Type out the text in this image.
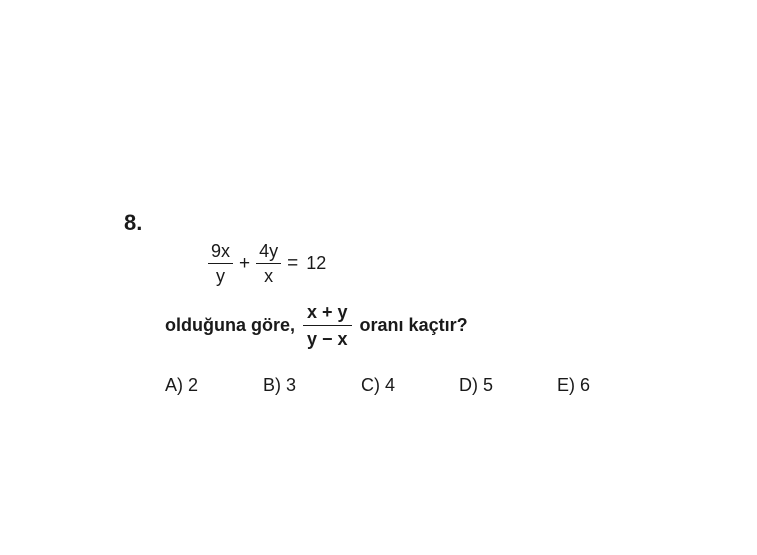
8.
$\frac{9x}{y} + \frac{4y}{x} = 12$
olduğuna göre, $\frac{x + y}{y - x}$ oranı kaçtır?
A) 2	B) 3	C) 4	D) 5	E) 6
